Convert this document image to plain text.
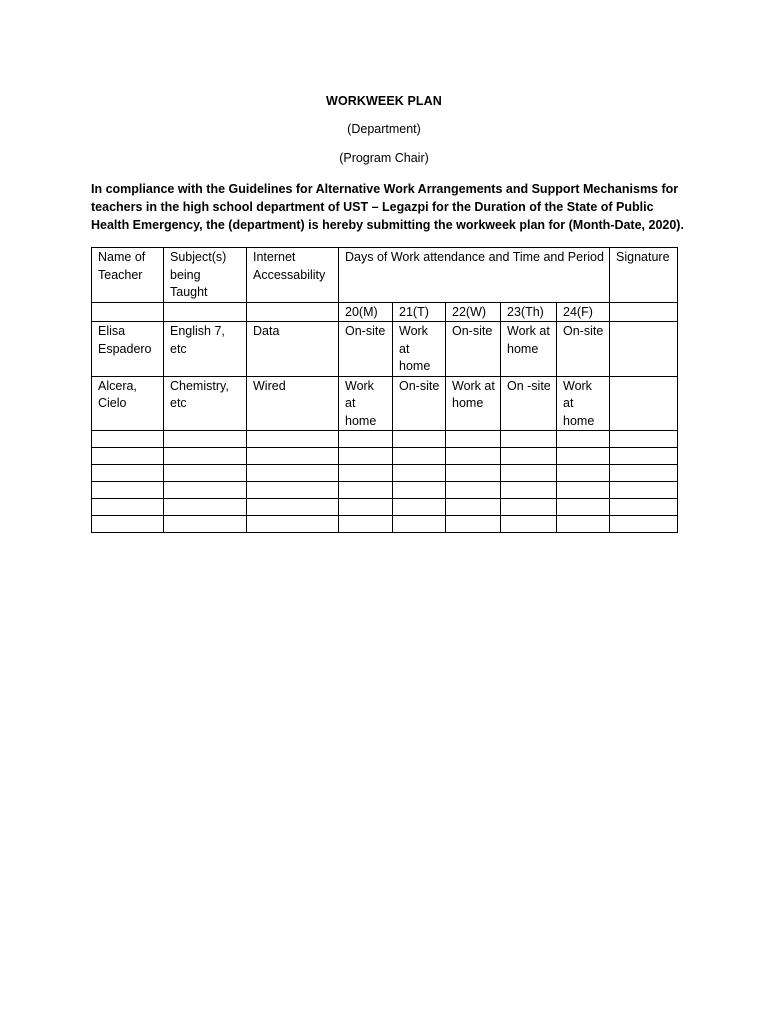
WORKWEEK PLAN
(Department)
(Program Chair)
In compliance with the Guidelines for Alternative Work Arrangements and Support Mechanisms for teachers in the high school department of UST – Legazpi for the Duration of the State of Public Health Emergency, the (department) is hereby submitting the workweek plan for (Month-Date, 2020).
Name of Teacher	Subject(s) being Taught	Internet Accessability	Days of Work attendance and Time and Period					Signature
			20(M)	21(T)	22(W)	23(Th)	24(F)	
Elisa Espadero	English 7, etc	Data	On-site	Work at home	On-site	Work at home	On-site	
Alcera, Cielo	Chemistry, etc	Wired	Work at home	On-site	Work at home	On -site	Work at home	
